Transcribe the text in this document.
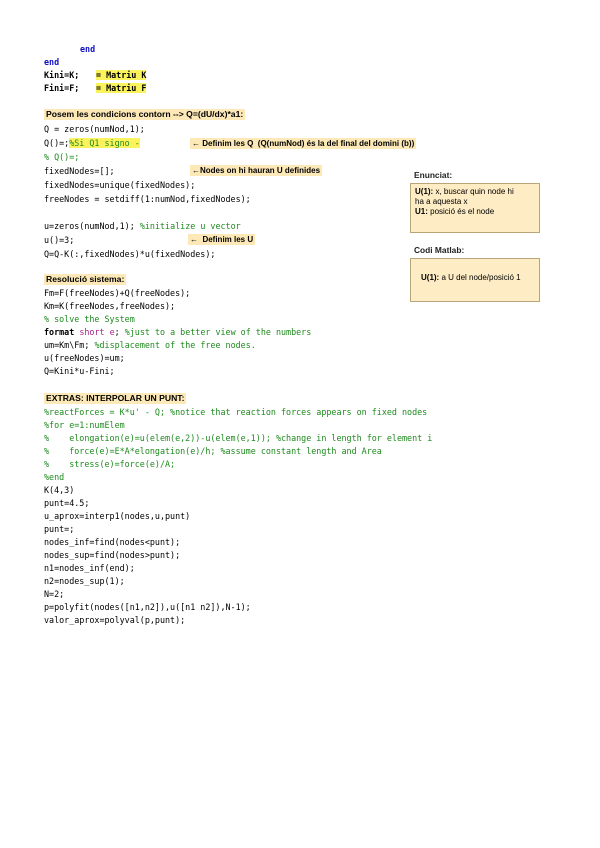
end
end
Kini=K; = Matriu K
Fini=F; = Matriu F
Posem les condicions contorn --> Q=(dU/dx)*a1:
Q = zeros(numNod,1);
Q()=;%Si Q1 signo -	← Definim les Q  (Q(numNod) és la del final del domini (b))
% Q()=;
fixedNodes=[];	←Nodes on hi hauran U definides
fixedNodes=unique(fixedNodes);
freeNodes = setdiff(1:numNod,fixedNodes);
u=zeros(numNod,1); %initialize u vector
u()=3;	←  Definim les U
Q=Q-K(:,fixedNodes)*u(fixedNodes);
Resolució sistema:
Fm=F(freeNodes)+Q(freeNodes);
Km=K(freeNodes,freeNodes);
% solve the System
format short e; %just to a better view of the numbers
um=Km\Fm; %displacement of the free nodes.
u(freeNodes)=um;
Q=Kini*u-Fini;
EXTRAS: INTERPOLAR UN PUNT:
%reactForces = K*u' - Q; %notice that reaction forces appears on fixed nodes
%for e=1:numElem
%    elongation(e)=u(elem(e,2))-u(elem(e,1)); %change in length for element i
%    force(e)=E*A*elongation(e)/h; %assume constant length and Area
%    stress(e)=force(e)/A;
%end
K(4,3)
punt=4.5;
u_aprox=interp1(nodes,u,punt)
punt=;
nodes_inf=find(nodes<punt);
nodes_sup=find(nodes>punt);
n1=nodes_inf(end);
n2=nodes_sup(1);
N=2;
p=polyfit(nodes([n1,n2]),u([n1 n2]),N-1);
valor_aprox=polyval(p,punt);
Enunciat:
U(1): x, buscar quin node hi
ha a aquesta x
U1: posició és el node
Codi Matlab:
U(1): a U del node/posició 1
